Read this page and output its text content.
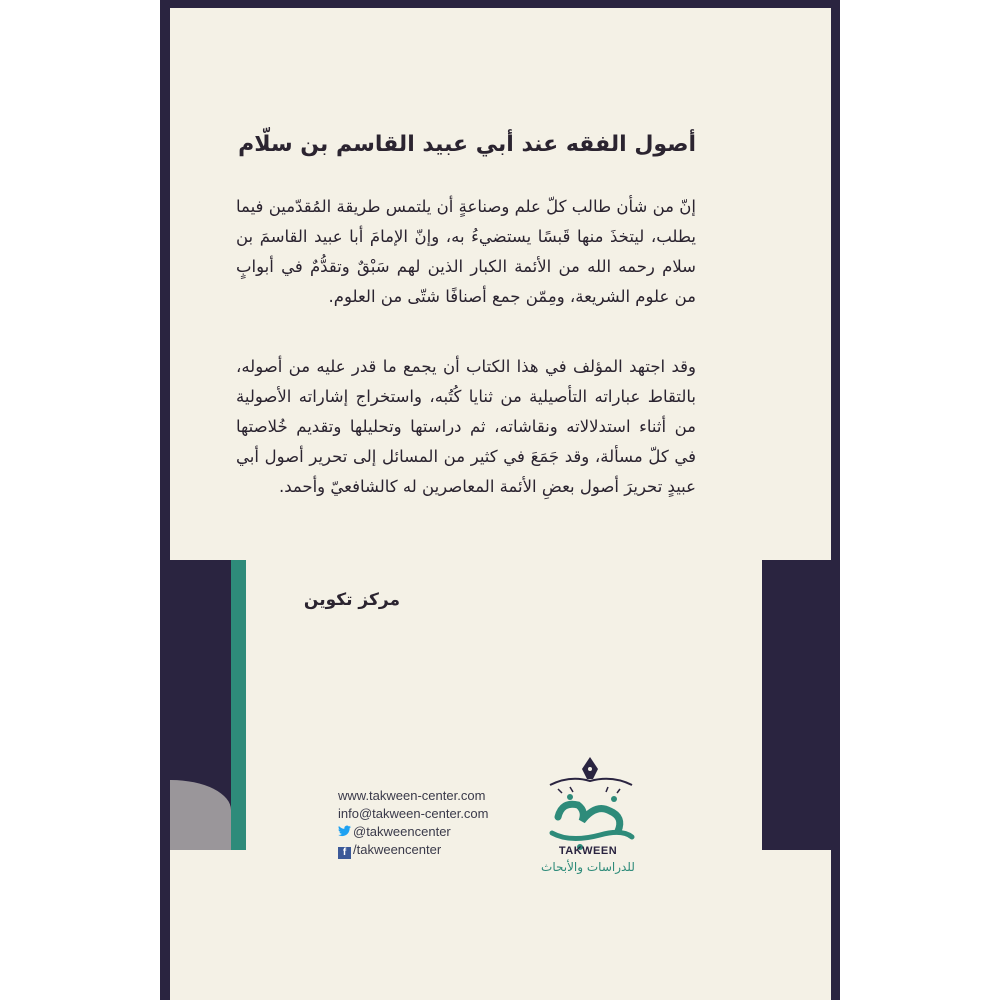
أصول الفقه عند أبي عبيد القاسم بن سلّام
إنّ من شأن طالب كلّ علم وصناعةٍ أن يلتمس طريقة المُقدّمين فيما يطلب، ليتخذَ منها قَبسًا يستضيءُ به، وإنّ الإمامَ أبا عبيد القاسمَ بن سلام رحمه الله من الأئمة الكبار الذين لهم سَبْقٌ وتقدُّمٌ في أبوابٍ من علوم الشريعة، ومِمّن جمع أصنافًا شتّى من العلوم.
وقد اجتهد المؤلف في هذا الكتاب أن يجمع ما قدر عليه من أصوله، بالتقاط عباراته التأصيلية من ثنايا كُتُبه، واستخراج إشاراته الأصولية من أثناء استدلالاته ونقاشاته، ثم دراستها وتحليلها وتقديم خُلاصتها في كلّ مسألة، وقد جَمَعَ في كثير من المسائل إلى تحرير أصول أبي عبيدٍ تحريرَ أصول بعضِ الأئمة المعاصرين له كالشافعيّ وأحمد.
مركز تكوين
www.takween-center.com
info@takween-center.com
@takweencenter
f /takweencenter	TAKWEEN
للدراسات والأبحاث
